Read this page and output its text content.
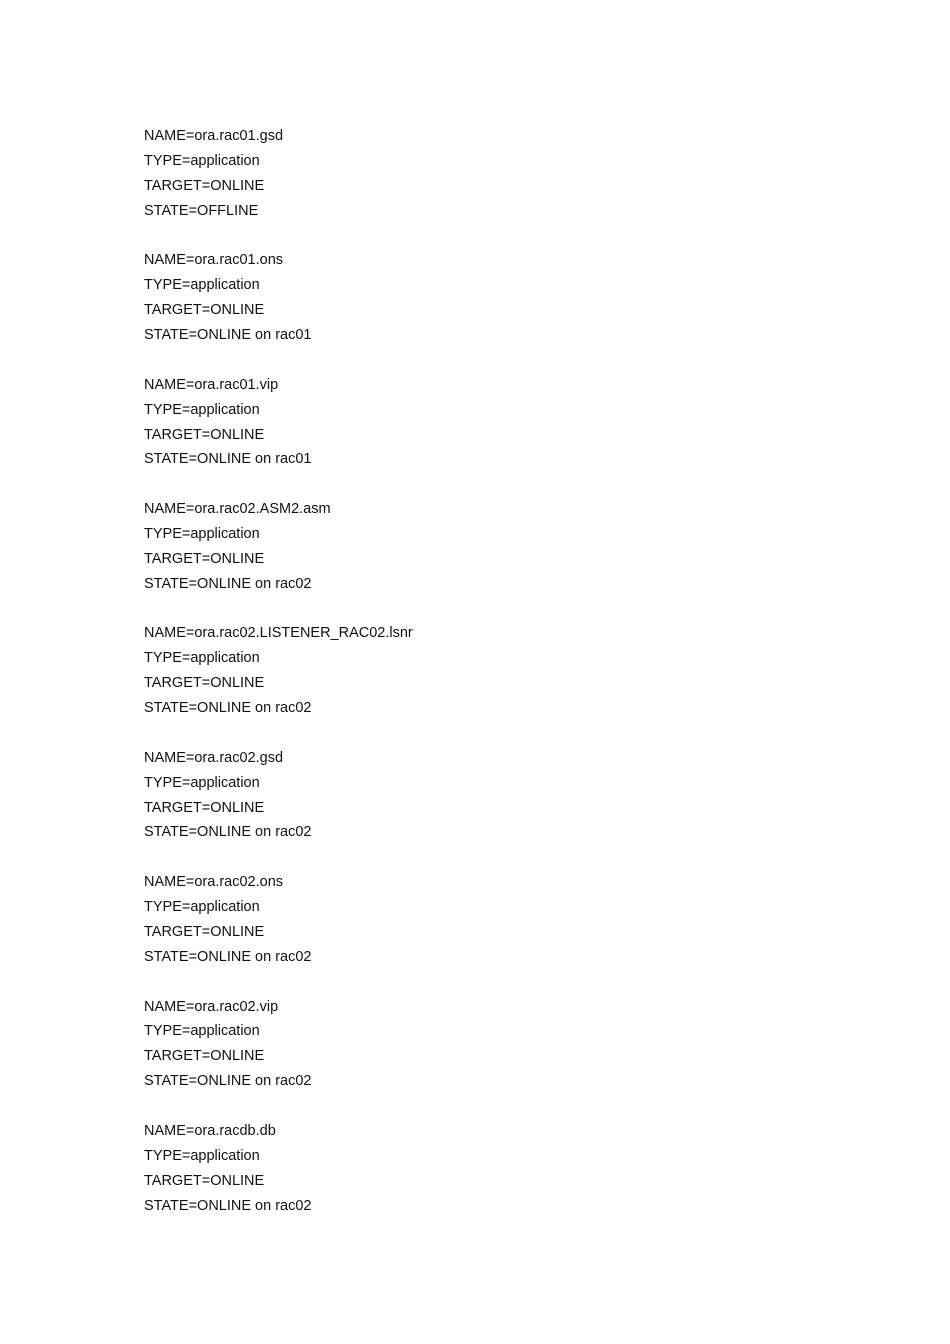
NAME=ora.rac01.gsd
TYPE=application
TARGET=ONLINE
STATE=OFFLINE
NAME=ora.rac01.ons
TYPE=application
TARGET=ONLINE
STATE=ONLINE on rac01
NAME=ora.rac01.vip
TYPE=application
TARGET=ONLINE
STATE=ONLINE on rac01
NAME=ora.rac02.ASM2.asm
TYPE=application
TARGET=ONLINE
STATE=ONLINE on rac02
NAME=ora.rac02.LISTENER_RAC02.lsnr
TYPE=application
TARGET=ONLINE
STATE=ONLINE on rac02
NAME=ora.rac02.gsd
TYPE=application
TARGET=ONLINE
STATE=ONLINE on rac02
NAME=ora.rac02.ons
TYPE=application
TARGET=ONLINE
STATE=ONLINE on rac02
NAME=ora.rac02.vip
TYPE=application
TARGET=ONLINE
STATE=ONLINE on rac02
NAME=ora.racdb.db
TYPE=application
TARGET=ONLINE
STATE=ONLINE on rac02
